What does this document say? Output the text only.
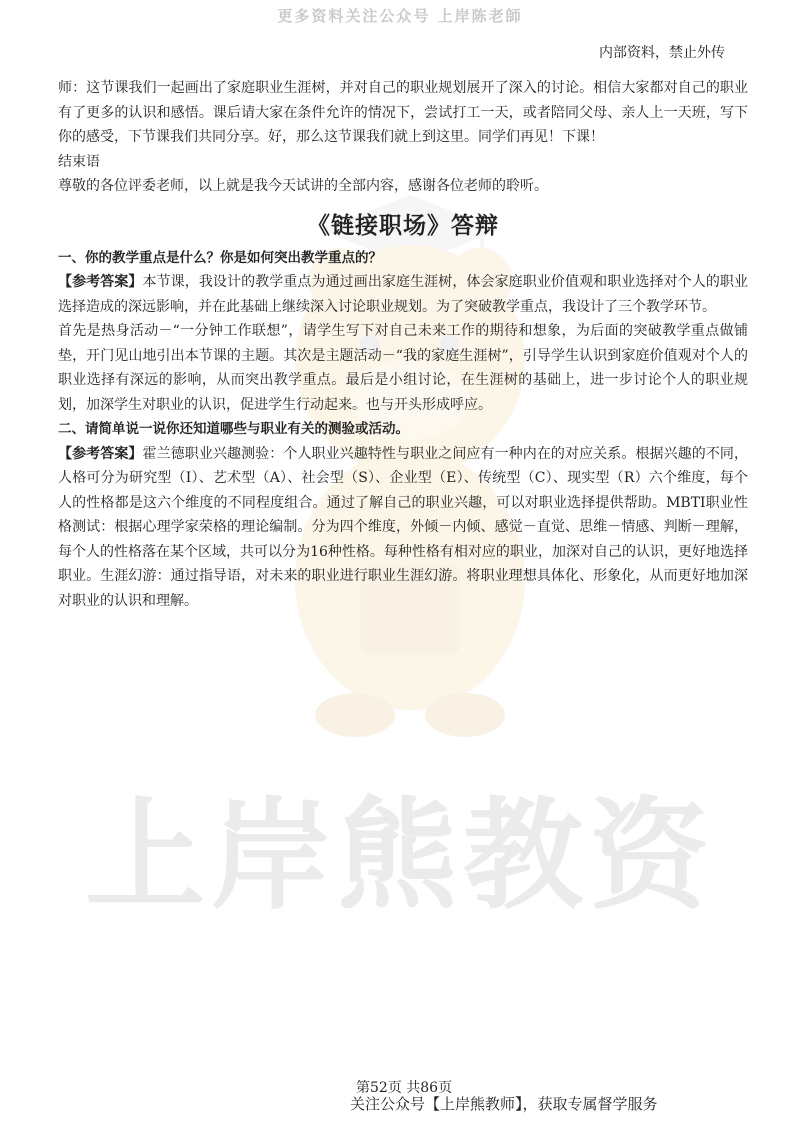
更多资料关注公众号 上岸陈老師
内部资料，禁止外传
上岸熊教资

师：这节课我们一起画出了家庭职业生涯树，并对自己的职业规划展开了深入的讨论。相信大家都对自己的职业有了更多的认识和感悟。课后请大家在条件允许的情况下，尝试打工一天，或者陪同父母、亲人上一天班，写下你的感受，下节课我们共同分享。好，那么这节课我们就上到这里。同学们再见！下课！

结束语

尊敬的各位评委老师，以上就是我今天试讲的全部内容，感谢各位老师的聆听。

《链接职场》答辩

一、你的教学重点是什么？你是如何突出教学重点的？

【参考答案】本节课，我设计的教学重点为通过画出家庭生涯树，体会家庭职业价值观和职业选择对个人的职业选择造成的深远影响，并在此基础上继续深入讨论职业规划。为了突破教学重点，我设计了三个教学环节。

首先是热身活动－“一分钟工作联想”，请学生写下对自己未来工作的期待和想象，为后面的突破教学重点做铺垫，开门见山地引出本节课的主题。其次是主题活动－“我的家庭生涯树”，引导学生认识到家庭价值观对个人的职业选择有深远的影响，从而突出教学重点。最后是小组讨论，在生涯树的基础上，进一步讨论个人的职业规划，加深学生对职业的认识，促进学生行动起来。也与开头形成呼应。

二、请简单说一说你还知道哪些与职业有关的测验或活动。

【参考答案】霍兰德职业兴趣测验：个人职业兴趣特性与职业之间应有一种内在的对应关系。根据兴趣的不同，人格可分为研究型（I）、艺术型（A）、社会型（S）、企业型（E）、传统型（C）、现实型（R）六个维度，每个人的性格都是这六个维度的不同程度组合。通过了解自己的职业兴趣，可以对职业选择提供帮助。MBTI职业性格测试：根据心理学家荣格的理论编制。分为四个维度，外倾－内倾、感觉－直觉、思维－情感、判断－理解，每个人的性格落在某个区域，共可以分为16种性格。每种性格有相对应的职业，加深对自己的认识，更好地选择职业。生涯幻游：通过指导语，对未来的职业进行职业生涯幻游。将职业理想具体化、形象化，从而更好地加深对职业的认识和理解。

第52页 共86页
关注公众号【上岸熊教师】，获取专属督学服务
